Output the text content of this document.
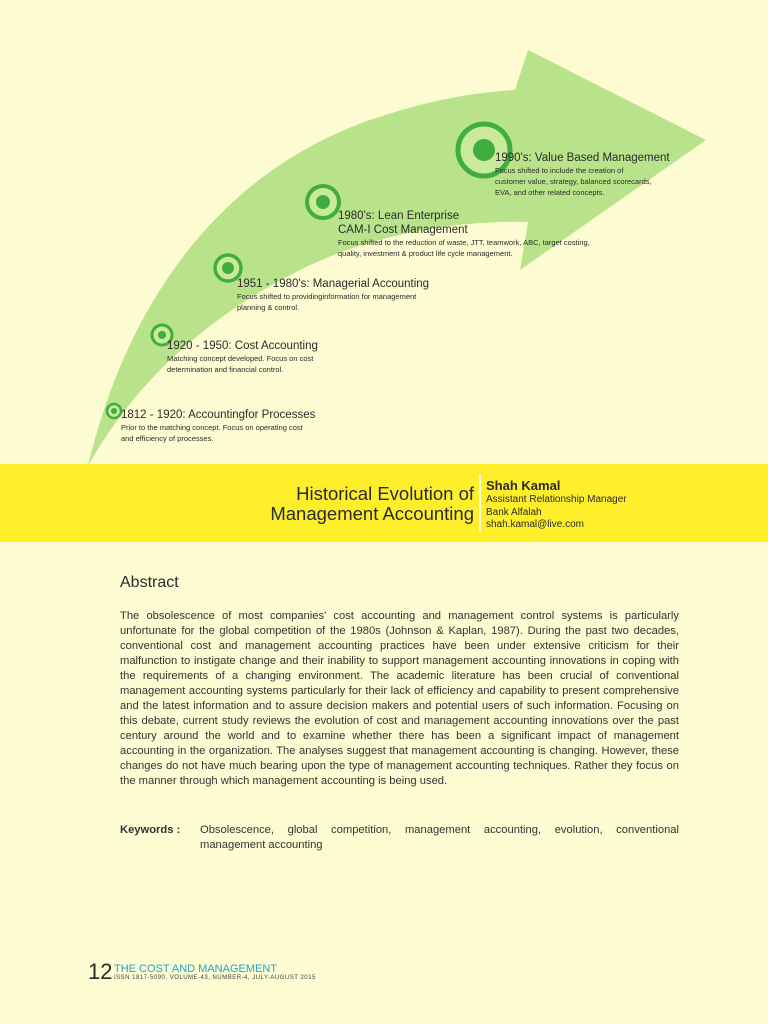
1812 - 1920: Accountingfor Processes
Prior to the matching concept. Focus on operating cost
and efficiency of processes.
1920 - 1950: Cost Accounting
Matching concept developed. Focus on cost
determination and financial control.
1951 - 1980's: Managerial Accounting
Focus shifted to providinginformation for management
planning & control.
1980's: Lean Enterprise
CAM-I Cost Management
Focus shifted to the reduction of waste, JTT, teamwork, ABC, target costing,
quality, investment & product life cycle management.
1990's: Value Based Management
Focus shifted to include the creation of
customer value, strategy, balanced scorecards,
EVA, and other related concepts.
Historical Evolution of
Management Accounting
Shah Kamal
Assistant Relationship Manager
Bank Alfalah
shah.kamal@live.com
Abstract
The obsolescence of most companies' cost accounting and management control systems is particularly unfortunate for the global competition of the 1980s (Johnson & Kaplan, 1987). During the past two decades, conventional cost and management accounting practices have been under extensive criticism for their malfunction to instigate change and their inability to support management accounting innovations in coping with the requirements of a changing environment. The academic literature has been crucial of conventional management accounting systems particularly for their lack of efficiency and capability to present comprehensive and the latest information and to assure decision makers and potential users of such information. Focusing on this debate, current study reviews the evolution of cost and management accounting innovations over the past century around the world and to examine whether there has been a significant impact of management accounting in the organization. The analyses suggest that management accounting is changing. However, these changes do not have much bearing upon the type of management accounting techniques. Rather they focus on the manner through which management accounting is being used.
Keywords :	Obsolescence, global competition, management accounting, evolution, conventional management accounting
12 THE COST AND MANAGEMENT
ISSN 1817-5090, VOLUME-43, NUMBER-4, JULY-AUGUST 2015
